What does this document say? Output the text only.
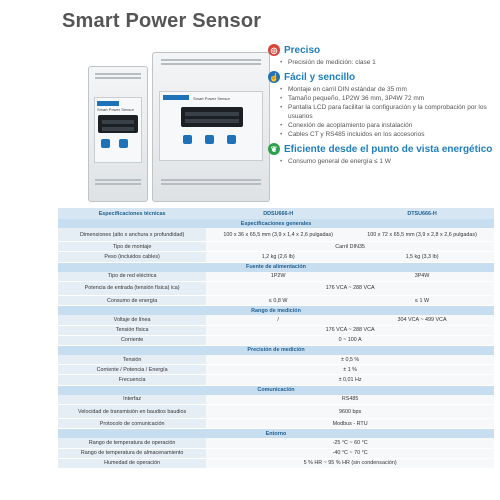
Smart Power Sensor
Smart Power Sensor
Smart Power Sensor
◎ Preciso
• Precisión de medición: clase 1
☝ Fácil y sencillo
• Montaje en carril DIN estándar de 35 mm
• Tamaño pequeño, 1P2W 36 mm, 3P4W 72 mm
• Pantalla LCD para facilitar la configuración y la comprobación por los usuarios
• Conexión de acoplamiento para instalación
• Cables CT y RS485 incluidos en los accesorios
❦ Eficiente desde el punto de vista energético
• Consumo general de energía ≤ 1 W
Especificaciones técnicas	DDSU666-H	DTSU666-H
Especificaciones generales		
Dimensiones (alto x anchura x profundidad)	100 x 36 x 65,5 mm (3,9 x 1,4 x 2,6 pulgadas)	100 x 72 x 65,5 mm (3,9 x 2,8 x 2,6 pulgadas)
Tipo de montaje	Carril DIN35	
Peso (incluidos cables)	1,2 kg (2,6 lb)	1,5 kg (3,3 lb)
Fuente de alimentación		
Tipo de red eléctrica	1P2W	3P4W
Potencia de entrada (tensión física) ica)	176 VCA ~ 288 VCA	
Consumo de energía	≤ 0,8 W	≤ 1 W
Rango de medición		
Voltaje de línea	/	304 VCA ~ 499 VCA
Tensión física	176 VCA ~ 288 VCA	
Corriente	0 ~ 100 A	
Precisión de medición		
Tensión	± 0,5 %	
Corriente / Potencia / Energía	± 1 %	
Frecuencia	± 0,01 Hz	
Comunicación		
Interfaz	RS485	
Velocidad de transmisión en baudios baudios	9600 bps	
Protocolo de comunicación	Modbus - RTU	
Entorno		
Rango de temperatura de operación	-25 °C ~ 60 °C	
Rango de temperatura de almacenamiento	-40 °C ~ 70 °C	
Humedad de operación	5 % HR ~ 95 % HR (sin condensación)	
